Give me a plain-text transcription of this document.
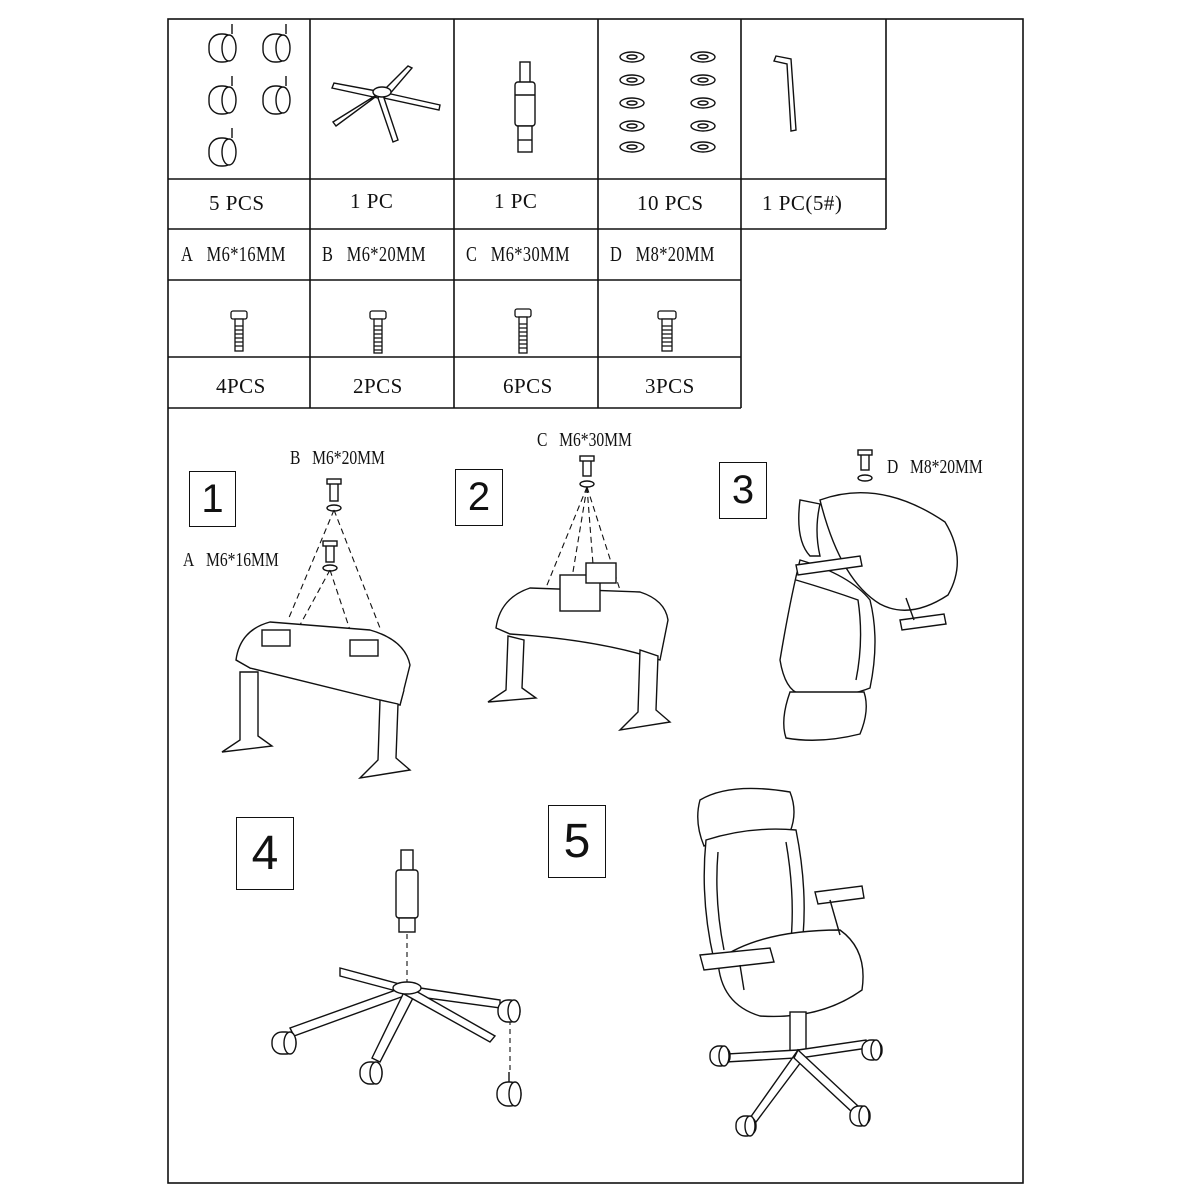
5 PCS	1 PC	1 PC	10 PCS	1 PC(5#)
A M6*16MM B M6*20MM C M6*30MM D M8*20MM
4PCS	2PCS	6PCS	3PCS
1	2	3
4	5
B M6*20MM
A M6*16MM
C M6*30MM
D M8*20MM
